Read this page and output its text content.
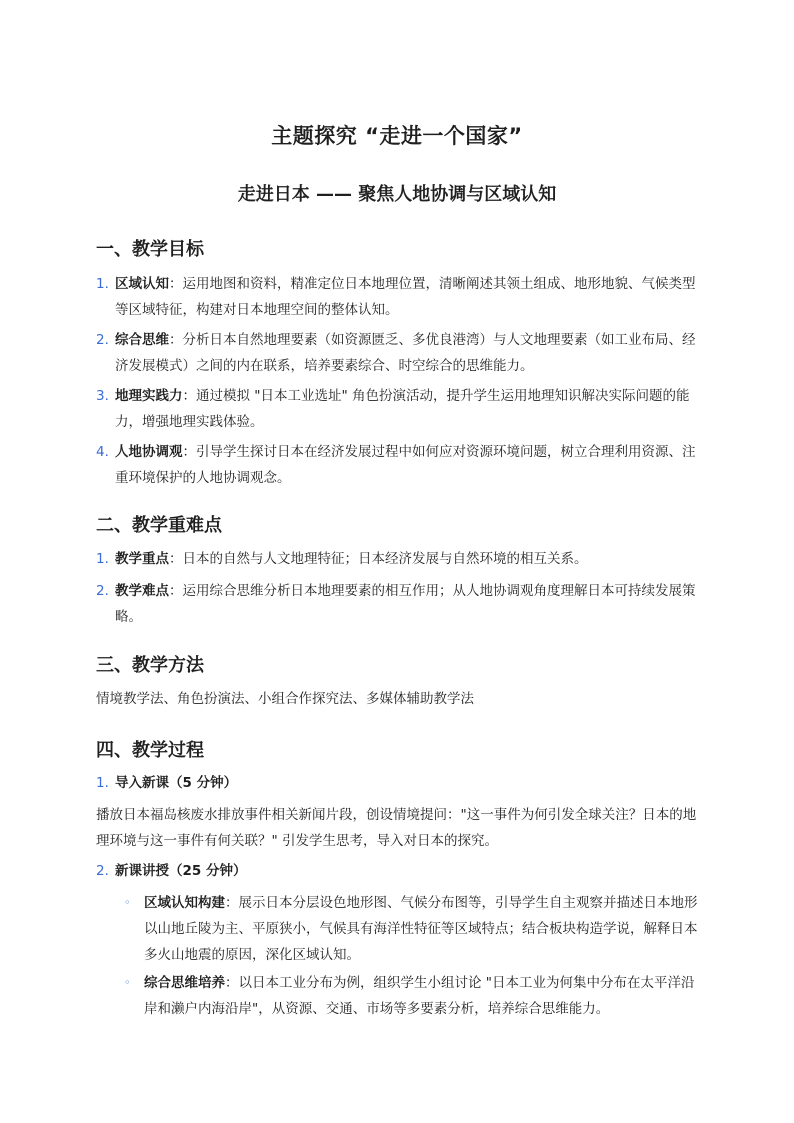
主题探究 “走进一个国家”
走进日本 —— 聚焦人地协调与区域认知
一、教学目标
1. 区域认知：运用地图和资料，精准定位日本地理位置，清晰阐述其领土组成、地形地貌、气候类型等区域特征，构建对日本地理空间的整体认知。
2. 综合思维：分析日本自然地理要素（如资源匮乏、多优良港湾）与人文地理要素（如工业布局、经济发展模式）之间的内在联系，培养要素综合、时空综合的思维能力。
3. 地理实践力：通过模拟 "日本工业选址" 角色扮演活动，提升学生运用地理知识解决实际问题的能力，增强地理实践体验。
4. 人地协调观：引导学生探讨日本在经济发展过程中如何应对资源环境问题，树立合理利用资源、注重环境保护的人地协调观念。
二、教学重难点
1. 教学重点：日本的自然与人文地理特征；日本经济发展与自然环境的相互关系。
2. 教学难点：运用综合思维分析日本地理要素的相互作用；从人地协调观角度理解日本可持续发展策略。
三、教学方法
情境教学法、角色扮演法、小组合作探究法、多媒体辅助教学法
四、教学过程
1. 导入新课（5 分钟）
播放日本福岛核废水排放事件相关新闻片段，创设情境提问："这一事件为何引发全球关注？日本的地理环境与这一事件有何关联？" 引发学生思考，导入对日本的探究。
2. 新课讲授（25 分钟）
◦	区域认知构建：展示日本分层设色地形图、气候分布图等，引导学生自主观察并描述日本地形以山地丘陵为主、平原狭小，气候具有海洋性特征等区域特点；结合板块构造学说，解释日本多火山地震的原因，深化区域认知。
◦	综合思维培养：以日本工业分布为例，组织学生小组讨论 "日本工业为何集中分布在太平洋沿岸和濑户内海沿岸"，从资源、交通、市场等多要素分析，培养综合思维能力。
